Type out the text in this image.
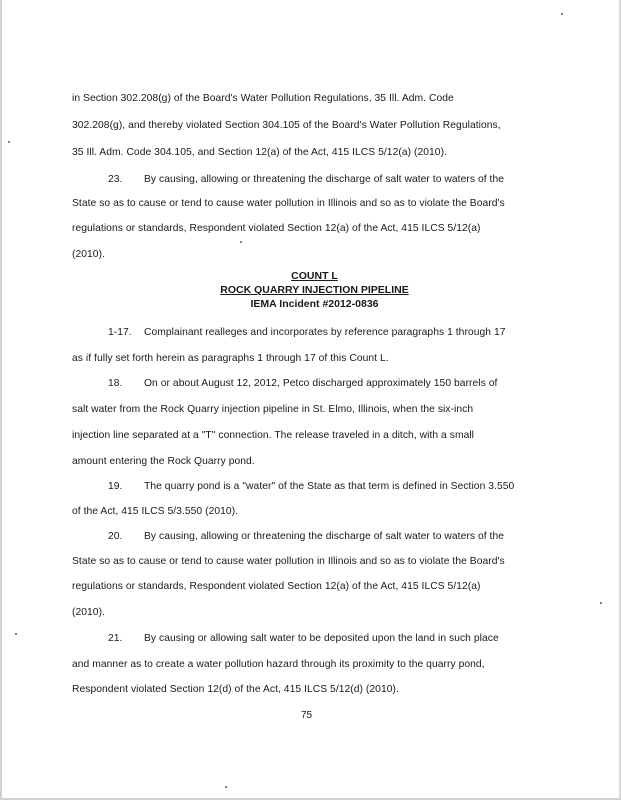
in Section 302.208(g) of the Board's Water Pollution Regulations, 35 Ill. Adm. Code
302.208(g), and thereby violated Section 304.105 of the Board's Water Pollution Regulations,
35 Ill. Adm. Code 304.105, and Section 12(a) of the Act, 415 ILCS 5/12(a) (2010).
23. By causing, allowing or threatening the discharge of salt water to waters of the
State so as to cause or tend to cause water pollution in Illinois and so as to violate the Board's
regulations or standards, Respondent violated Section 12(a) of the Act, 415 ILCS 5/12(a)
(2010).
COUNT L
ROCK QUARRY INJECTION PIPELINE
IEMA Incident #2012-0836
1-17. Complainant realleges and incorporates by reference paragraphs 1 through 17
as if fully set forth herein as paragraphs 1 through 17 of this Count L.
18. On or about August 12, 2012, Petco discharged approximately 150 barrels of
salt water from the Rock Quarry injection pipeline in St. Elmo, Illinois, when the six-inch
injection line separated at a "T" connection. The release traveled in a ditch, with a small
amount entering the Rock Quarry pond.
19. The quarry pond is a "water" of the State as that term is defined in Section 3.550
of the Act, 415 ILCS 5/3.550 (2010).
20. By causing, allowing or threatening the discharge of salt water to waters of the
State so as to cause or tend to cause water pollution in Illinois and so as to violate the Board's
regulations or standards, Respondent violated Section 12(a) of the Act, 415 ILCS 5/12(a)
(2010).
21. By causing or allowing salt water to be deposited upon the land in such place
and manner as to create a water pollution hazard through its proximity to the quarry pond,
Respondent violated Section 12(d) of the Act, 415 ILCS 5/12(d) (2010).
75
